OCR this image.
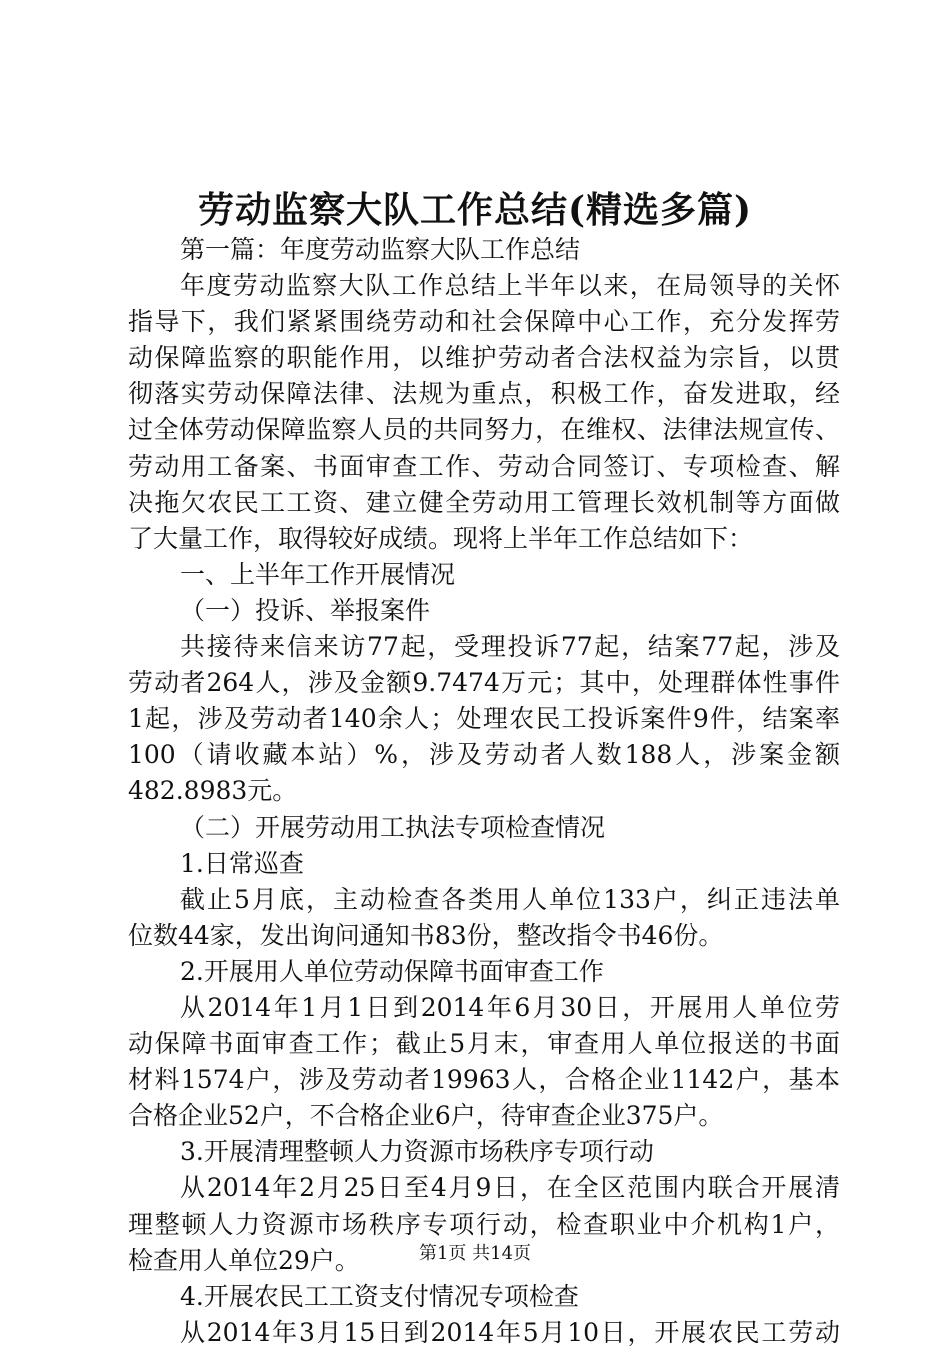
劳动监察大队工作总结(精选多篇)
第一篇：年度劳动监察大队工作总结
年度劳动监察大队工作总结上半年以来，在局领导的关怀
指导下，我们紧紧围绕劳动和社会保障中心工作，充分发挥劳
动保障监察的职能作用，以维护劳动者合法权益为宗旨，以贯
彻落实劳动保障法律、法规为重点，积极工作，奋发进取，经
过全体劳动保障监察人员的共同努力，在维权、法律法规宣传、
劳动用工备案、书面审查工作、劳动合同签订、专项检查、解
决拖欠农民工工资、建立健全劳动用工管理长效机制等方面做
了大量工作，取得较好成绩。现将上半年工作总结如下：
一、上半年工作开展情况
（一）投诉、举报案件
共接待来信来访77起，受理投诉77起，结案77起，涉及
劳动者264人，涉及金额9.7474万元；其中，处理群体性事件
1起，涉及劳动者140余人；处理农民工投诉案件9件，结案率
100（请收藏本站）%，涉及劳动者人数188人，涉案金额
482.8983元。
（二）开展劳动用工执法专项检查情况
1.日常巡查
截止5月底，主动检查各类用人单位133户，纠正违法单
位数44家，发出询问通知书83份，整改指令书46份。
2.开展用人单位劳动保障书面审查工作
从2014年1月1日到2014年6月30日，开展用人单位劳
动保障书面审查工作；截止5月末，审查用人单位报送的书面
材料1574户，涉及劳动者19963人，合格企业1142户，基本
合格企业52户，不合格企业6户，待审查企业375户。
3.开展清理整顿人力资源市场秩序专项行动
从2014年2月25日至4月9日，在全区范围内联合开展清
理整顿人力资源市场秩序专项行动，检查职业中介机构1户，
检查用人单位29户。
4.开展农民工工资支付情况专项检查
从2014年3月15日到2014年5月10日，开展农民工劳动
第1页 共14页
